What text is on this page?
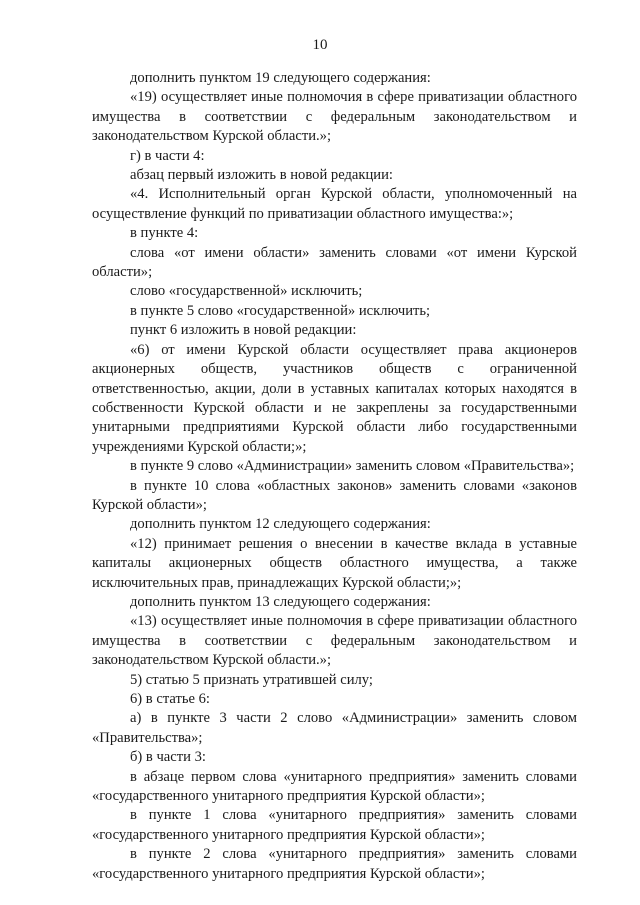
10

дополнить пунктом 19 следующего содержания:

«19) осуществляет иные полномочия в сфере приватизации областного имущества в соответствии с федеральным законодательством и законодательством Курской области.»;

г) в части 4:

абзац первый изложить в новой редакции:

«4. Исполнительный орган Курской области, уполномоченный на осуществление функций по приватизации областного имущества:»;

в пункте 4:

слова «от имени области» заменить словами «от имени Курской области»;

слово «государственной» исключить;

в пункте 5 слово «государственной» исключить;

пункт 6 изложить в новой редакции:

«6) от имени Курской области осуществляет права акционеров акционерных обществ, участников обществ с ограниченной ответственностью, акции, доли в уставных капиталах которых находятся в собственности Курской области и не закреплены за государственными унитарными предприятиями Курской области либо государственными учреждениями Курской области;»;

в пункте 9 слово «Администрации» заменить словом «Правительства»;

в пункте 10 слова «областных законов» заменить словами «законов Курской области»;

дополнить пунктом 12 следующего содержания:

«12) принимает решения о внесении в качестве вклада в уставные капиталы акционерных обществ областного имущества, а также исключительных прав, принадлежащих Курской области;»;

дополнить пунктом 13 следующего содержания:

«13) осуществляет иные полномочия в сфере приватизации областного имущества в соответствии с федеральным законодательством и законодательством Курской области.»;

5) статью 5 признать утратившей силу;

6) в статье 6:

а) в пункте 3 части 2 слово «Администрации» заменить словом «Правительства»;

б) в части 3:

в абзаце первом слова «унитарного предприятия» заменить словами «государственного унитарного предприятия Курской области»;

в пункте 1 слова «унитарного предприятия» заменить словами «государственного унитарного предприятия Курской области»;

в пункте 2 слова «унитарного предприятия» заменить словами «государственного унитарного предприятия Курской области»;
